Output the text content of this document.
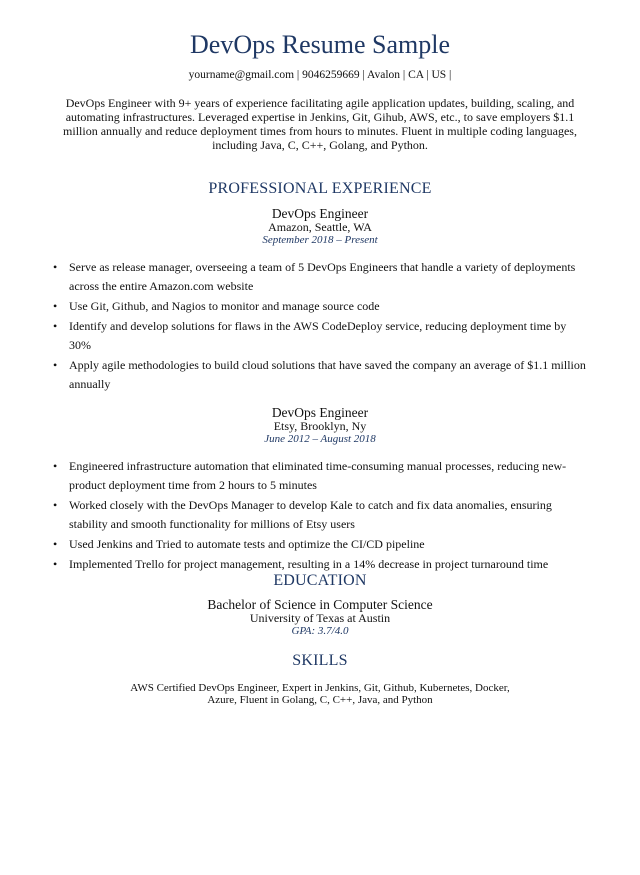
DevOps Resume Sample
yourname@gmail.com | 9046259669 | Avalon | CA | US |
DevOps Engineer with 9+ years of experience facilitating agile application updates, building, scaling, and automating infrastructures. Leveraged expertise in Jenkins, Git, Gihub, AWS, etc., to save employers $1.1 million annually and reduce deployment times from hours to minutes. Fluent in multiple coding languages, including Java, C, C++, Golang, and Python.
PROFESSIONAL EXPERIENCE
DevOps Engineer
Amazon, Seattle, WA
September 2018 – Present
• Serve as release manager, overseeing a team of 5 DevOps Engineers that handle a variety of deployments across the entire Amazon.com website
• Use Git, Github, and Nagios to monitor and manage source code
• Identify and develop solutions for flaws in the AWS CodeDeploy service, reducing deployment time by 30%
• Apply agile methodologies to build cloud solutions that have saved the company an average of $1.1 million annually
DevOps Engineer
Etsy, Brooklyn, Ny
June 2012 – August 2018
• Engineered infrastructure automation that eliminated time-consuming manual processes, reducing new-product deployment time from 2 hours to 5 minutes
• Worked closely with the DevOps Manager to develop Kale to catch and fix data anomalies, ensuring stability and smooth functionality for millions of Etsy users
• Used Jenkins and Tried to automate tests and optimize the CI/CD pipeline
• Implemented Trello for project management, resulting in a 14% decrease in project turnaround time
EDUCATION
Bachelor of Science in Computer Science
University of Texas at Austin
GPA: 3.7/4.0
SKILLS
AWS Certified DevOps Engineer, Expert in Jenkins, Git, Github, Kubernetes, Docker, Azure, Fluent in Golang, C, C++, Java, and Python
